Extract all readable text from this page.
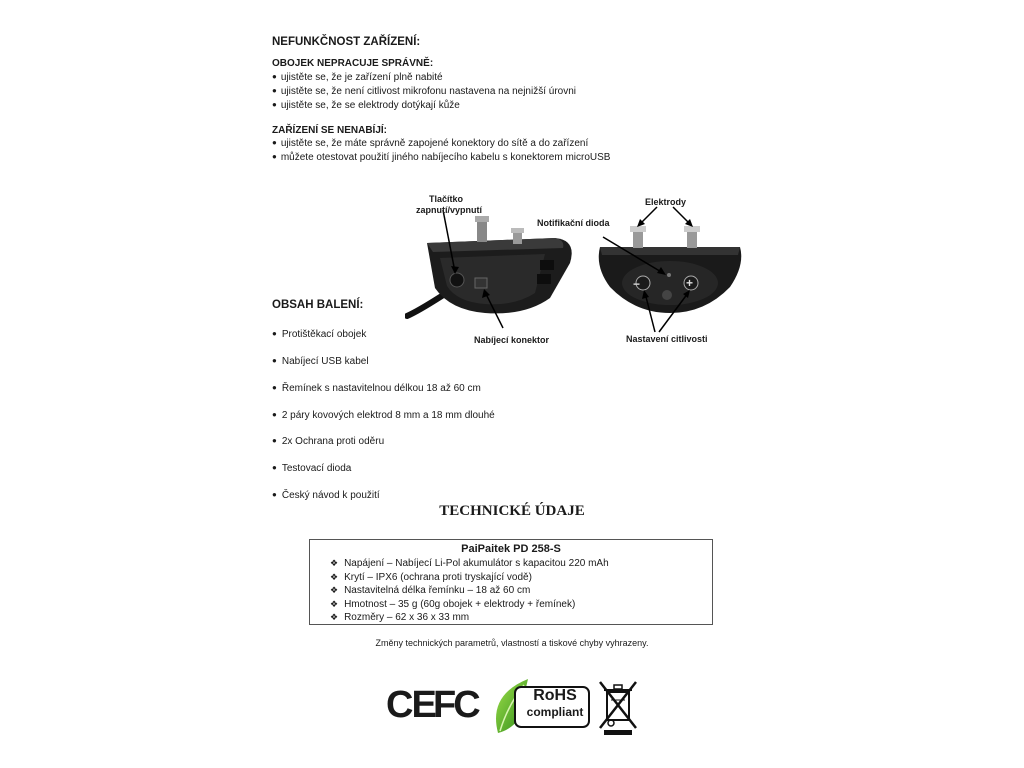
NEFUNKČNOST ZAŘÍZENÍ:
OBOJEK NEPRACUJE SPRÁVNĚ:
● ujistěte se, že je zařízení plně nabité
● ujistěte se, že není citlivost mikrofonu nastavena na nejnižší úrovni
● ujistěte se, že se elektrody dotýkají kůže
ZAŘÍZENÍ SE NENABÍJÍ:
● ujistěte se, že máte správně zapojené konektory do sítě a do zařízení
● můžete otestovat použití jiného nabíjecího kabelu s konektorem microUSB
Tlačítko
zapnutí/vypnutí
Nabíjecí konektor
−	+
Elektrody
Notifikační dioda
Nastavení citlivosti
OBSAH BALENÍ:
● Protištěkací obojek
● Nabíjecí USB kabel
● Řemínek s nastavitelnou délkou 18 až 60 cm
● 2 páry kovových elektrod 8 mm a 18 mm dlouhé
● 2x Ochrana proti oděru
● Testovací dioda
● Český návod k použití
TECHNICKÉ ÚDAJE
PaiPaitek PD 258-S
❖ Napájení – Nabíjecí Li-Pol akumulátor s kapacitou 220 mAh
❖ Krytí – IPX6 (ochrana proti tryskající vodě)
❖ Nastavitelná délka řemínku – 18 až 60 cm
❖ Hmotnost – 35 g (60g obojek + elektrody + řemínek)
❖ Rozměry – 62 x 36 x 33 mm
Změny technických parametrů, vlastností a tiskové chyby vyhrazeny.
CE
FC	RoHS
compliant
